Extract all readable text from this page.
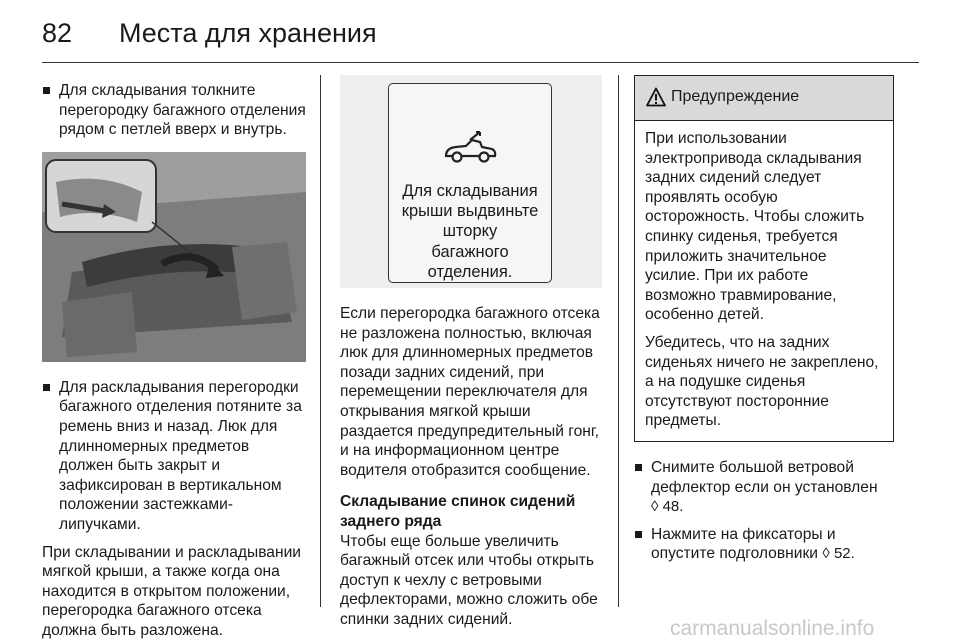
82 Места для хранения

Для складывания толкните перегородку багажного отделения рядом с петлей вверх и внутрь.

Для раскладывания перегородки багажного отделения потяните за ремень вниз и назад. Люк для длинномерных предметов должен быть закрыт и зафиксирован в вертикальном положении застежками-липучками.

При складывании и раскладывании мягкой крыши, а также когда она находится в открытом положении, перегородка багажного отсека должна быть разложена.

Для складывания
крыши выдвиньте
шторку
багажного
отделения.

Если перегородка багажного отсека не разложена полностью, включая люк для длинномерных предметов позади задних сидений, при перемещении переключателя для открывания мягкой крыши раздается предупредительный гонг, и на информационном центре водителя отобразится сообщение.

Складывание спинок сидений заднего ряда

Чтобы еще больше увеличить багажный отсек или чтобы открыть доступ к чехлу с ветровыми дефлекторами, можно сложить обе спинки задних сидений.

Предупреждение

При использовании электропривода складывания задних сидений следует проявлять особую осторожность. Чтобы сложить спинку сиденья, требуется приложить значительное усилие. При их работе возможно травмирование, особенно детей.

Убедитесь, что на задних сиденьях ничего не закреплено, а на подушке сиденья отсутствуют посторонние предметы.

Снимите большой ветровой дефлектор если он установлен
◊ 48.

Нажмите на фиксаторы и опустите подголовники ◊ 52.

carmanualsonline.info
